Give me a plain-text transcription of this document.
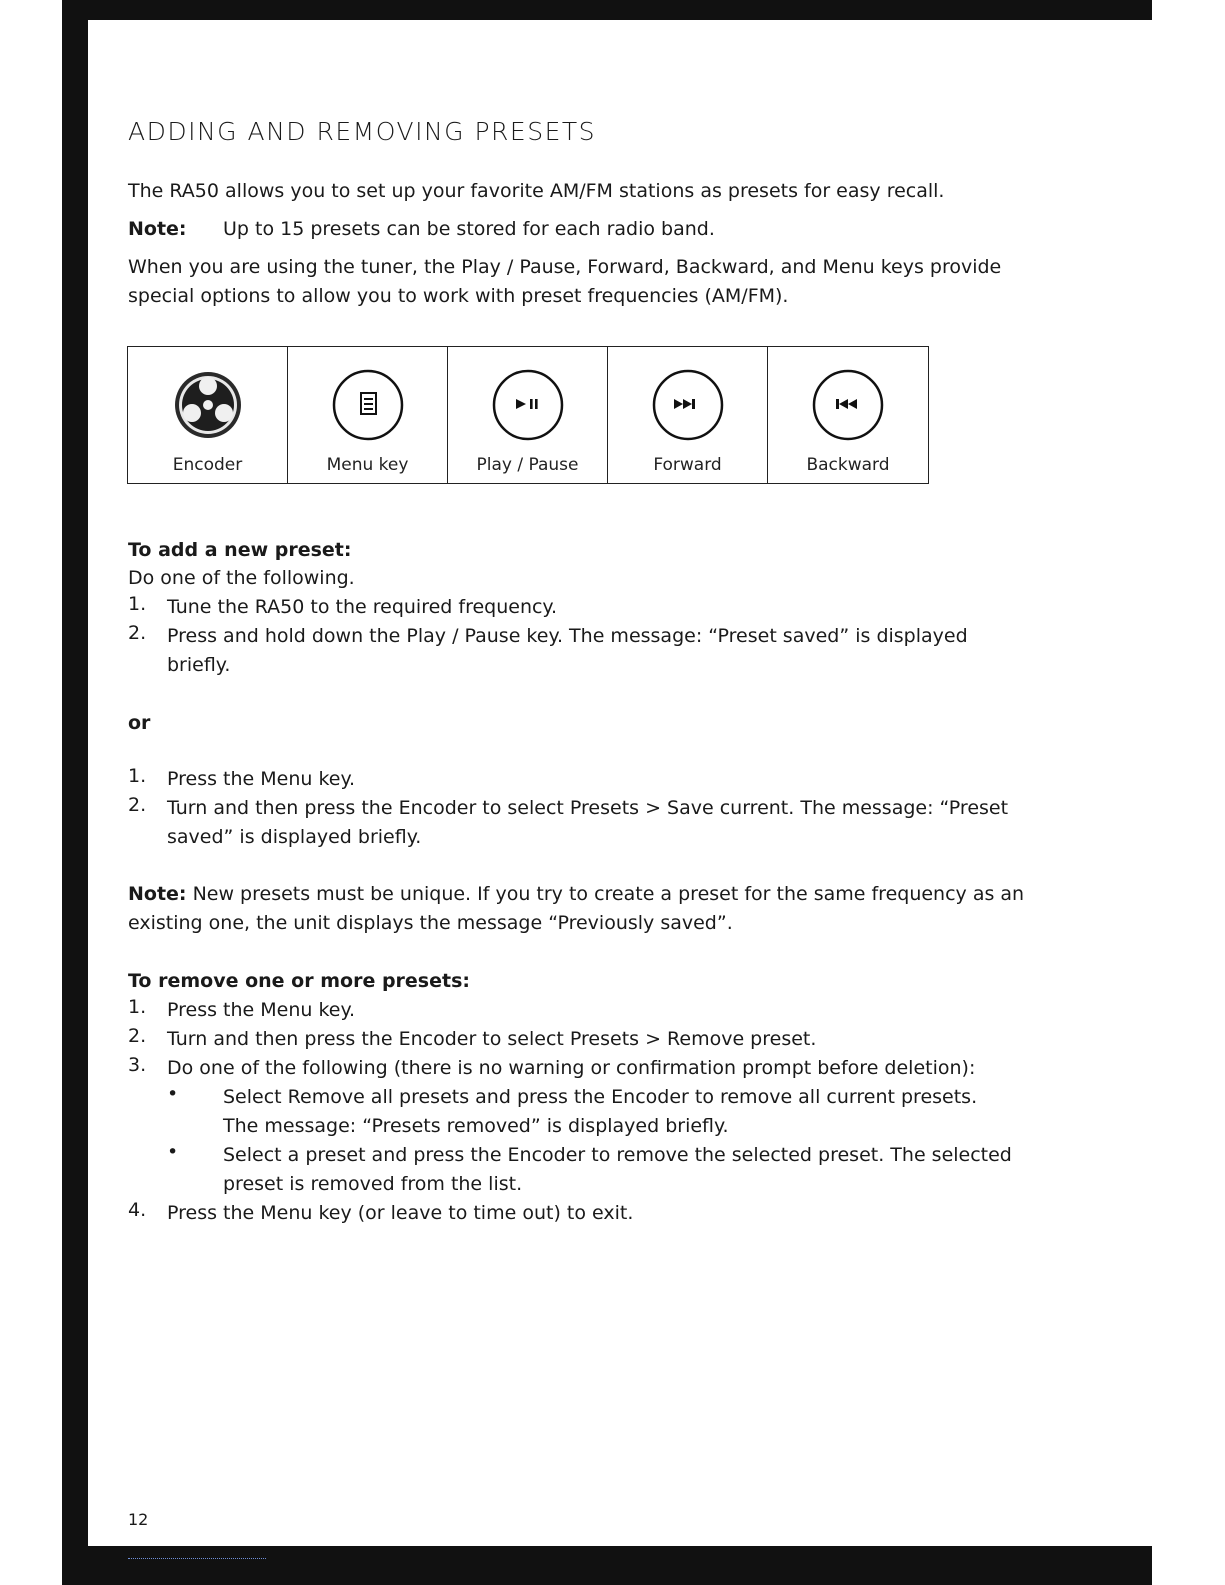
ADDING AND REMOVING PRESETS
The RA50 allows you to set up your favorite AM/FM stations as presets for easy recall.
Note: Up to 15 presets can be stored for each radio band.
When you are using the tuner, the Play / Pause, Forward, Backward, and Menu keys provide
special options to allow you to work with preset frequencies (AM/FM).
Encoder	Menu key	Play / Pause	Forward	Backward
To add a new preset:
Do one of the following.
1. Tune the RA50 to the required frequency.
2. Press and hold down the Play / Pause key. The message: “Preset saved” is displayed
briefly.
or
1. Press the Menu key.
2. Turn and then press the Encoder to select Presets > Save current. The message: “Preset
saved” is displayed briefly.
Note: New presets must be unique. If you try to create a preset for the same frequency as an
existing one, the unit displays the message “Previously saved”.
To remove one or more presets:
1. Press the Menu key.
2. Turn and then press the Encoder to select Presets > Remove preset.
3. Do one of the following (there is no warning or confirmation prompt before deletion):
• Select Remove all presets and press the Encoder to remove all current presets.
The message: “Presets removed” is displayed briefly.
• Select a preset and press the Encoder to remove the selected preset. The selected
preset is removed from the list.
4. Press the Menu key (or leave to time out) to exit.
12
